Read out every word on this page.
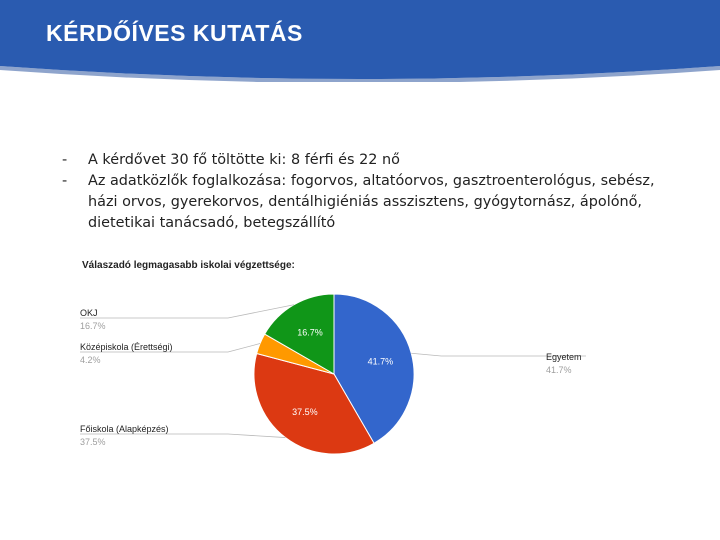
KÉRDŐÍVES KUTATÁS
- A kérdővet 30 fő töltötte ki: 8 férfi és 22 nő
- Az adatközlők foglalkozása: fogorvos, altatóorvos, gasztroenterológus, sebész, házi orvos, gyerekorvos, dentálhigiéniás asszisztens, gyógytornász, ápolónő, dietetikai tanácsadó, betegszállító
Válaszadó legmagasabb iskolai végzettsége:
41.7%	Egyetem
41.7%
37.5%
Főiskola (Alapképzés)
37.5%
Középiskola (Érettségi)
4.2%
16.7%
OKJ
16.7%
